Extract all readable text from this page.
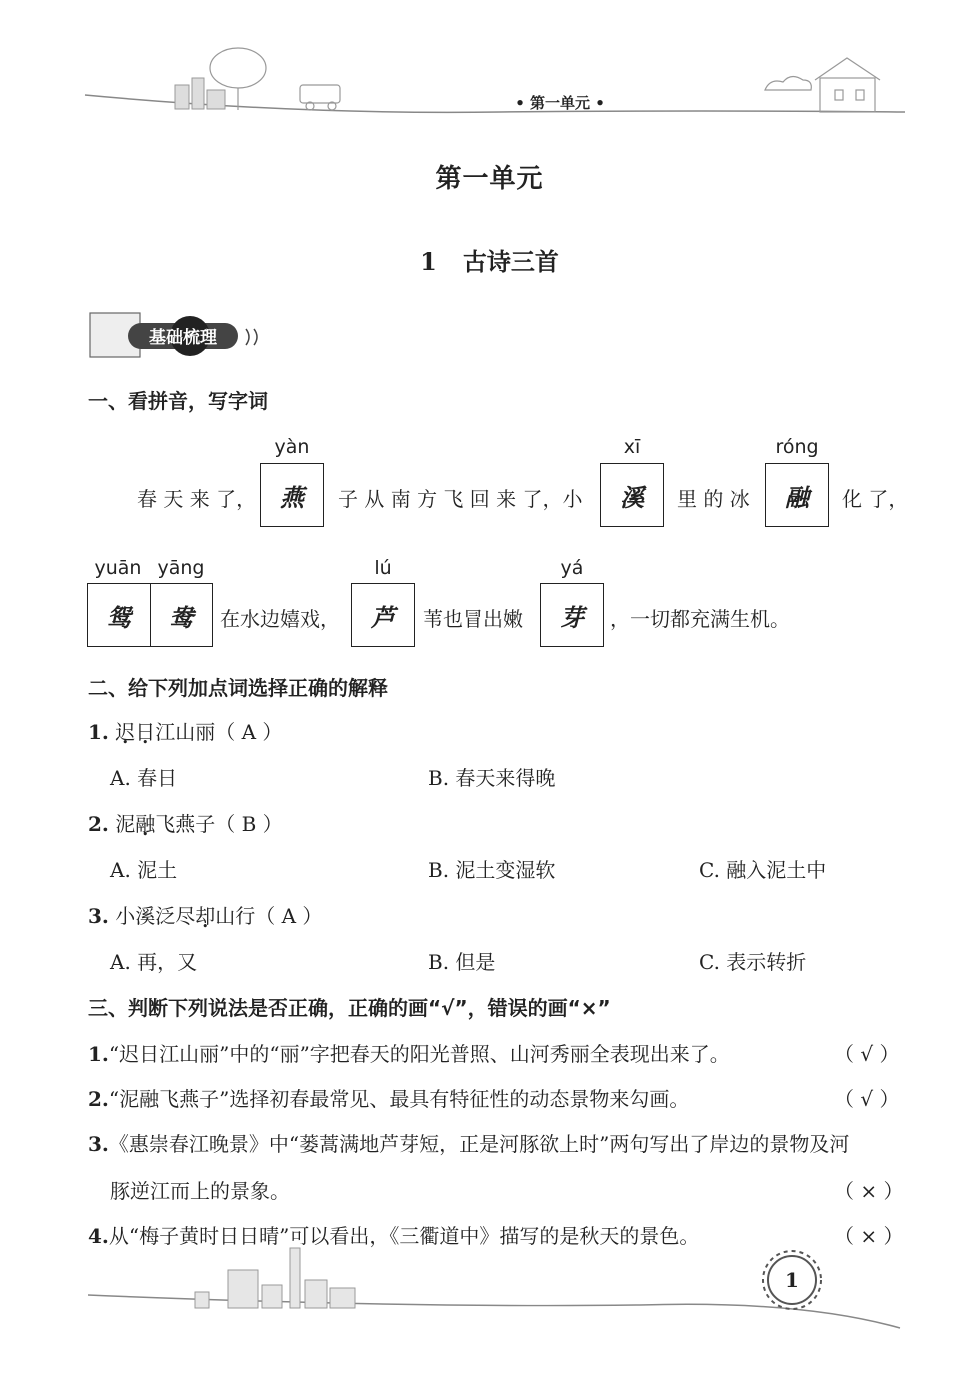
• 第一单元 •
第一单元
1 古诗三首
基础梳理
一、看拼音，写字词
yàn	xī	róng
春 天 来 了， 燕 子 从 南 方 飞 回 来 了，小 溪 里 的 冰 融 化 了，
yuān yāng	lú	yá
鸳	鸯	在水边嬉戏， 芦 苇也冒出嫩 芽 ，一切都充满生机。
二、给下列加点词选择正确的解释
1. 迟日江山丽（ A ）
A. 春日	B. 春天来得晚
2. 泥融飞燕子（ B ）
A. 泥土	B. 泥土变湿软	C. 融入泥土中
3. 小溪泛尽却山行（ A ）
A. 再，又	B. 但是	C. 表示转折
三、判断下列说法是否正确，正确的画“√”，错误的画“×”
1.“迟日江山丽”中的“丽”字把春天的阳光普照、山河秀丽全表现出来了。	（ √ ）
2.“泥融飞燕子”选择初春最常见、最具有特征性的动态景物来勾画。	（ √ ）
3.《惠崇春江晚景》中“蒌蒿满地芦芽短，正是河豚欲上时”两句写出了岸边的景物及河
豚逆江而上的景象。	（ × ）
4.从“梅子黄时日日晴”可以看出，《三衢道中》描写的是秋天的景色。	（ × ）
1
